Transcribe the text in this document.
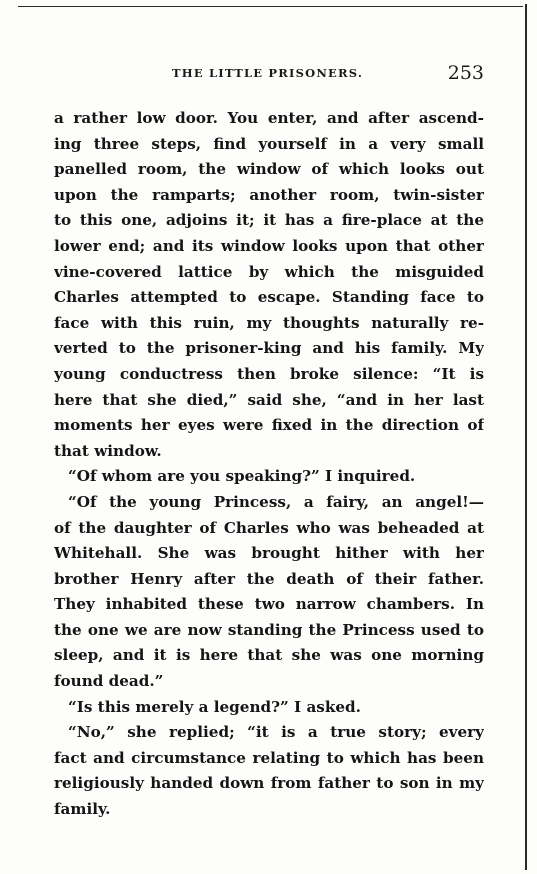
THE LITTLE PRISONERS.	253
a rather low door. You enter, and after ascend-
ing three steps, find yourself in a very small
panelled room, the window of which looks out
upon the ramparts; another room, twin-sister
to this one, adjoins it; it has a fire-place at the
lower end; and its window looks upon that other
vine-covered lattice by which the misguided
Charles attempted to escape. Standing face to
face with this ruin, my thoughts naturally re-
verted to the prisoner-king and his family. My
young conductress then broke silence: “It is
here that she died,” said she, “and in her last
moments her eyes were fixed in the direction of
that window.
“Of whom are you speaking?” I inquired.
“Of the young Princess, a fairy, an angel!—
of the daughter of Charles who was beheaded at
Whitehall. She was brought hither with her
brother Henry after the death of their father.
They inhabited these two narrow chambers. In
the one we are now standing the Princess used to
sleep, and it is here that she was one morning
found dead.”
“Is this merely a legend?” I asked.
“No,” she replied; “it is a true story; every
fact and circumstance relating to which has been
religiously handed down from father to son in my
family.
